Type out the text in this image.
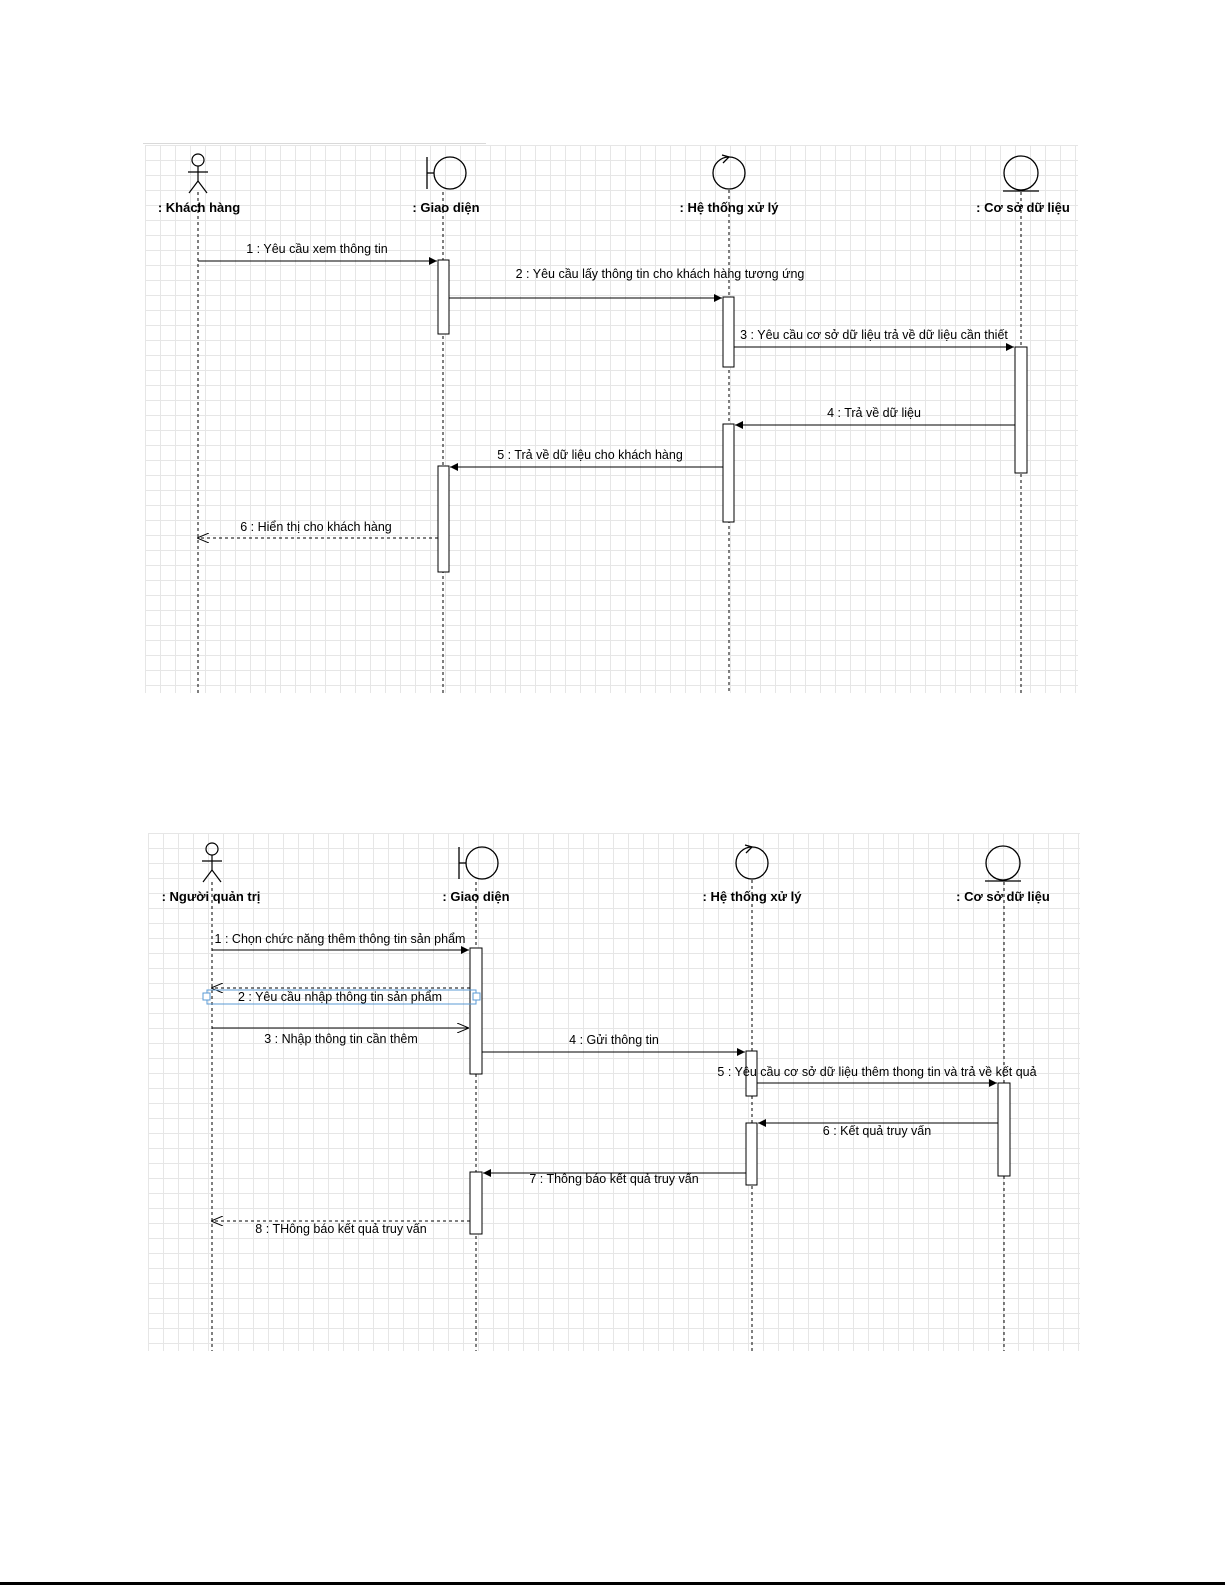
: Khách hàng	: Giao diện	: Hệ thống xử lý	: Cơ sở dữ liệu
1 : Yêu cầu xem thông tin
2 : Yêu cầu lấy thông tin cho khách hàng tương ứng
3 : Yêu cầu cơ sở dữ liệu trả về dữ liệu cần thiết
4 : Trả về dữ liệu
5 : Trả về dữ liệu cho khách hàng
6 : Hiển thị cho khách hàng
: Người quản trị	: Giao diện	: Hệ thống xử lý	: Cơ sở dữ liệu
1 : Chọn chức năng thêm thông tin sản phẩm
2 : Yêu cầu nhập thông tin sản phẩm
3 : Nhập thông tin cần thêm	4 : Gửi thông tin
5 : Yêu cầu cơ sở dữ liệu thêm thong tin và trả về kết quả
6 : Kết quả truy vấn
7 : Thông báo kết quả truy vấn
8 : THông báo kết quả truy vấn
